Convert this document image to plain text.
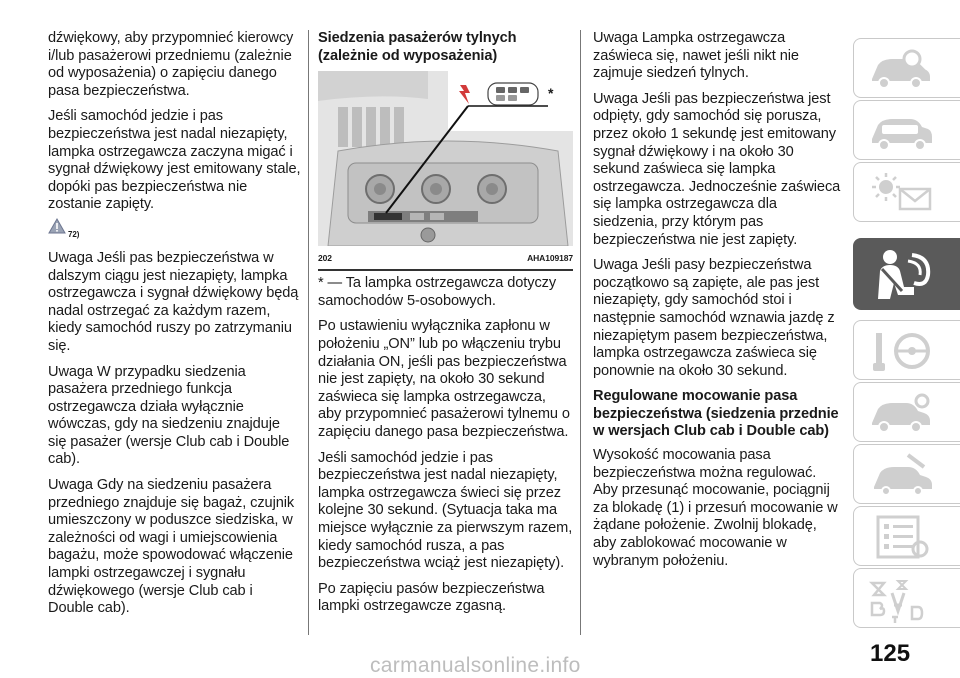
dźwiękowy, aby przypomnieć kierowcy i/lub pasażerowi przedniemu (zależnie od wyposażenia) o zapięciu danego pasa bezpieczeństwa.

Jeśli samochód jedzie i pas bezpieczeństwa jest nadal niezapięty, lampka ostrzegawcza zaczyna migać i sygnał dźwiękowy jest emitowany stale, dopóki pas bezpieczeństwa nie zostanie zapięty.

72)

Uwaga Jeśli pas bezpieczeństwa w dalszym ciągu jest niezapięty, lampka ostrzegawcza i sygnał dźwiękowy będą nadal ostrzegać za każdym razem, kiedy samochód ruszy po zatrzymaniu się.

Uwaga W przypadku siedzenia pasażera przedniego funkcja ostrzegawcza działa wyłącznie wówczas, gdy na siedzeniu znajduje się pasażer (wersje Club cab i Double cab).

Uwaga Gdy na siedzeniu pasażera przedniego znajduje się bagaż, czujnik umieszczony w poduszce siedziska, w zależności od wagi i umiejscowienia bagażu, może spowodować włączenie lampki ostrzegawczej i sygnału dźwiękowego (wersje Club cab i Double cab).

Siedzenia pasażerów tylnych (zależnie od wyposażenia)
*
202	AHA109187

* — Ta lampka ostrzegawcza dotyczy samochodów 5-osobowych.

Po ustawieniu wyłącznika zapłonu w położeniu „ON” lub po włączeniu trybu działania ON, jeśli pas bezpieczeństwa nie jest zapięty, na około 30 sekund zaświeca się lampka ostrzegawcza, aby przypomnieć pasażerowi tylnemu o zapięciu danego pasa bezpieczeństwa.

Jeśli samochód jedzie i pas bezpieczeństwa jest nadal niezapięty, lampka ostrzegawcza świeci się przez kolejne 30 sekund. (Sytuacja taka ma miejsce wyłącznie za pierwszym razem, kiedy samochód rusza, a pas bezpieczeństwa wciąż jest niezapięty).

Po zapięciu pasów bezpieczeństwa lampki ostrzegawcze zgasną.

Uwaga Lampka ostrzegawcza zaświeca się, nawet jeśli nikt nie zajmuje siedzeń tylnych.

Uwaga Jeśli pas bezpieczeństwa jest odpięty, gdy samochód się porusza, przez około 1 sekundę jest emitowany sygnał dźwiękowy i na około 30 sekund zaświeca się lampka ostrzegawcza. Jednocześnie zaświeca się lampka ostrzegawcza dla siedzenia, przy którym pas bezpieczeństwa nie jest zapięty.

Uwaga Jeśli pasy bezpieczeństwa początkowo są zapięte, ale pas jest niezapięty, gdy samochód stoi i następnie samochód wznawia jazdę z niezapiętym pasem bezpieczeństwa, lampka ostrzegawcza zaświeca się ponownie na około 30 sekund.

Regulowane mocowanie pasa bezpieczeństwa (siedzenia przednie w wersjach Club cab i Double cab)

Wysokość mocowania pasa bezpieczeństwa można regulować. Aby przesunąć mocowanie, pociągnij za blokadę (1) i przesuń mocowanie w żądane położenie. Zwolnij blokadę, aby zablokować mocowanie w wybranym położeniu.

125
carmanualsonline.info
